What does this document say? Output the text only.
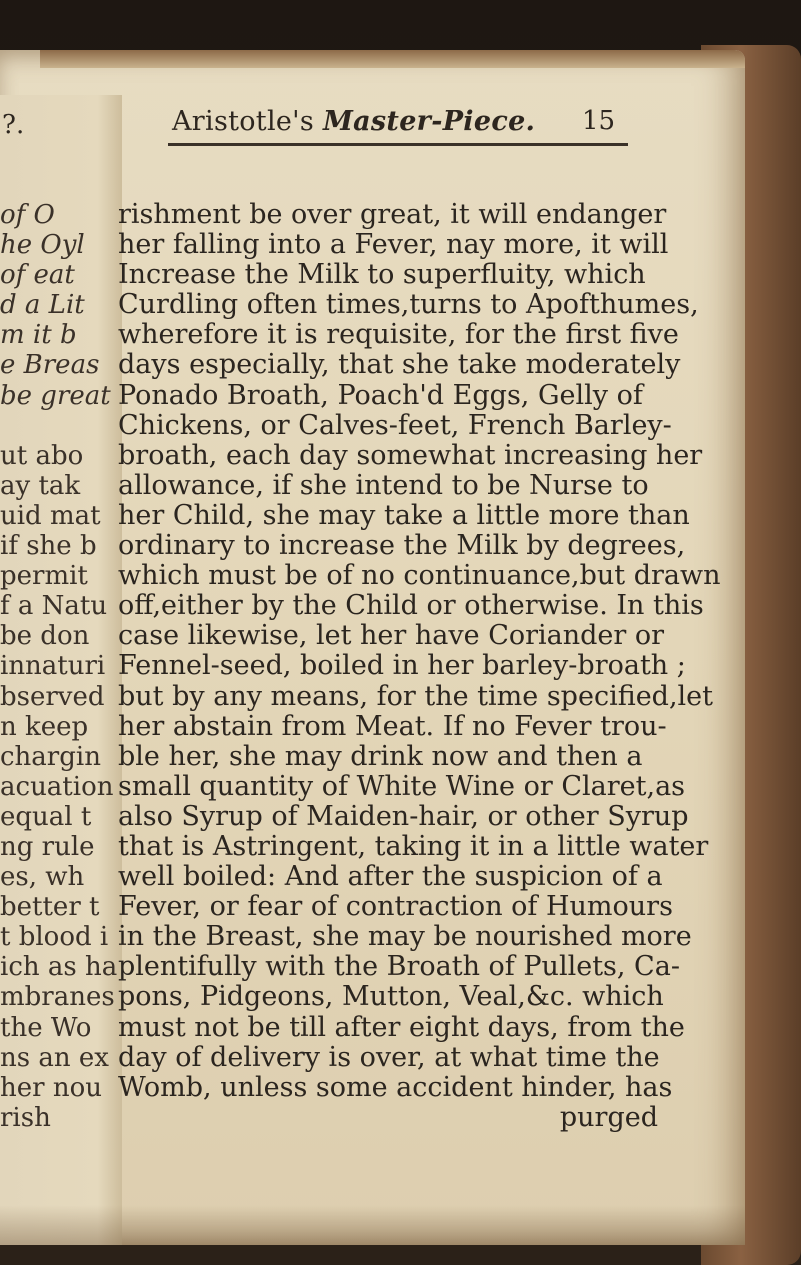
?.	Aristotle's Master-Piece. 15
of O
he Oyl
of eat
d a Lit
m it b
e Breas
be great
ut abo
ay tak
uid mat
if she b
permit
f a Natu
be don
innaturi
bserved
n keep
chargin
acuation
equal t
ng rule
es, wh
better t
t blood i
ich as ha
mbranes
the Wo
ns an ex
her nou
rish
rishment be over great, it will endanger
her falling into a Fever, nay more, it will
Increase the Milk to superfluity, which
Curdling often times,turns to Apofthumes,
wherefore it is requisite, for the first five
days especially, that she take moderately
Ponado Broath, Poach'd Eggs, Gelly of
Chickens, or Calves-feet, French Barley-
broath, each day somewhat increasing her
allowance, if she intend to be Nurse to
her Child, she may take a little more than
ordinary to increase the Milk by degrees,
which must be of no continuance,but drawn
off,either by the Child or otherwise. In this
case likewise, let her have Coriander or
Fennel-seed, boiled in her barley-broath ;
but by any means, for the time specified,let
her abstain from Meat. If no Fever trou-
ble her, she may drink now and then a
small quantity of White Wine or Claret,as
also Syrup of Maiden-hair, or other Syrup
that is Astringent, taking it in a little water
well boiled: And after the suspicion of a
Fever, or fear of contraction of Humours
in the Breast, she may be nourished more
plentifully with the Broath of Pullets, Ca-
pons, Pidgeons, Mutton, Veal,&c. which
must not be till after eight days, from the
day of delivery is over, at what time the
Womb, unless some accident hinder, has
purged
